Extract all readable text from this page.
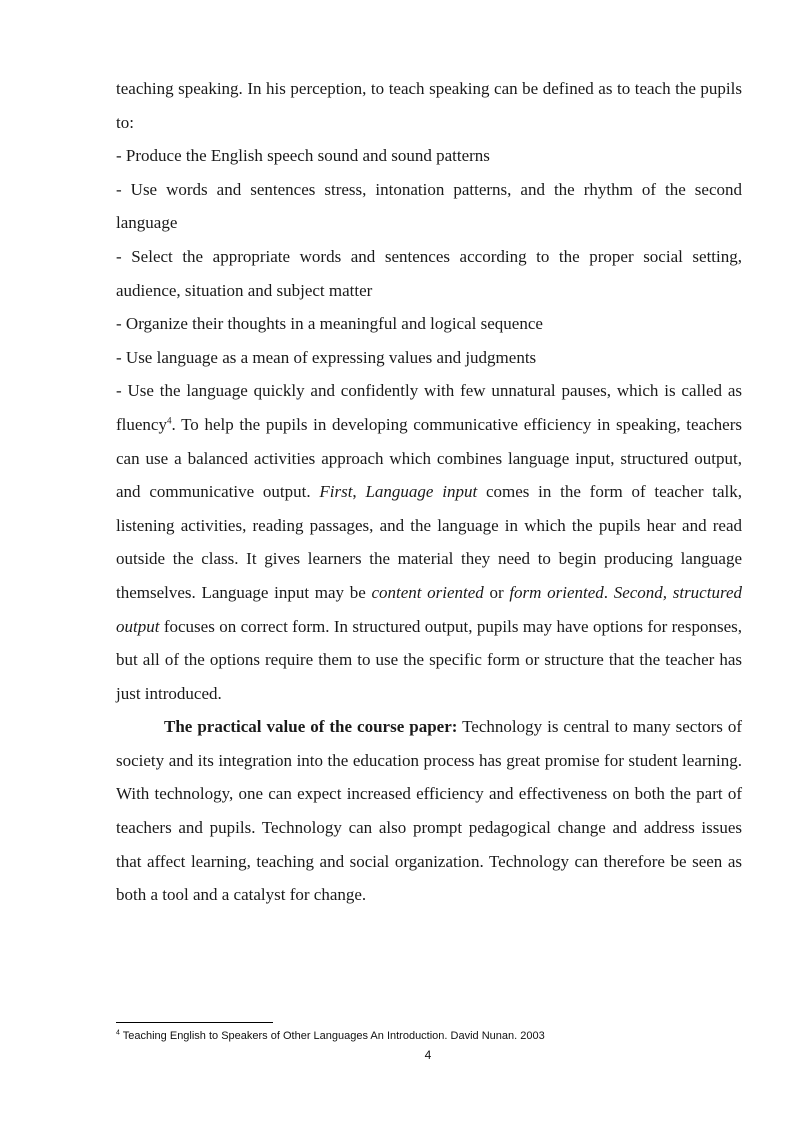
teaching speaking. In his perception, to teach speaking can be defined as to teach the pupils to:

- Produce the English speech sound and sound patterns

- Use words and sentences stress, intonation patterns, and the rhythm of the second language

- Select the appropriate words and sentences according to the proper social setting, audience, situation and subject matter

- Organize their thoughts in a meaningful and logical sequence

- Use language as a mean of expressing values and judgments

- Use the language quickly and confidently with few unnatural pauses, which is called as fluency$^4$. To help the pupils in developing communicative efficiency in speaking, teachers can use a balanced activities approach which combines language input, structured output, and communicative output. First, Language input comes in the form of teacher talk, listening activities, reading passages, and the language in which the pupils hear and read outside the class. It gives learners the material they need to begin producing language themselves. Language input may be content oriented or form oriented. Second, structured output focuses on correct form. In structured output, pupils may have options for responses, but all of the options require them to use the specific form or structure that the teacher has just introduced.

The practical value of the course paper: Technology is central to many sectors of society and its integration into the education process has great promise for student learning. With technology, one can expect increased efficiency and effectiveness on both the part of teachers and pupils. Technology can also prompt pedagogical change and address issues that affect learning, teaching and social organization. Technology can therefore be seen as both a tool and a catalyst for change.

$^4$ Teaching English to Speakers of Other Languages An Introduction. David Nunan. 2003
4
